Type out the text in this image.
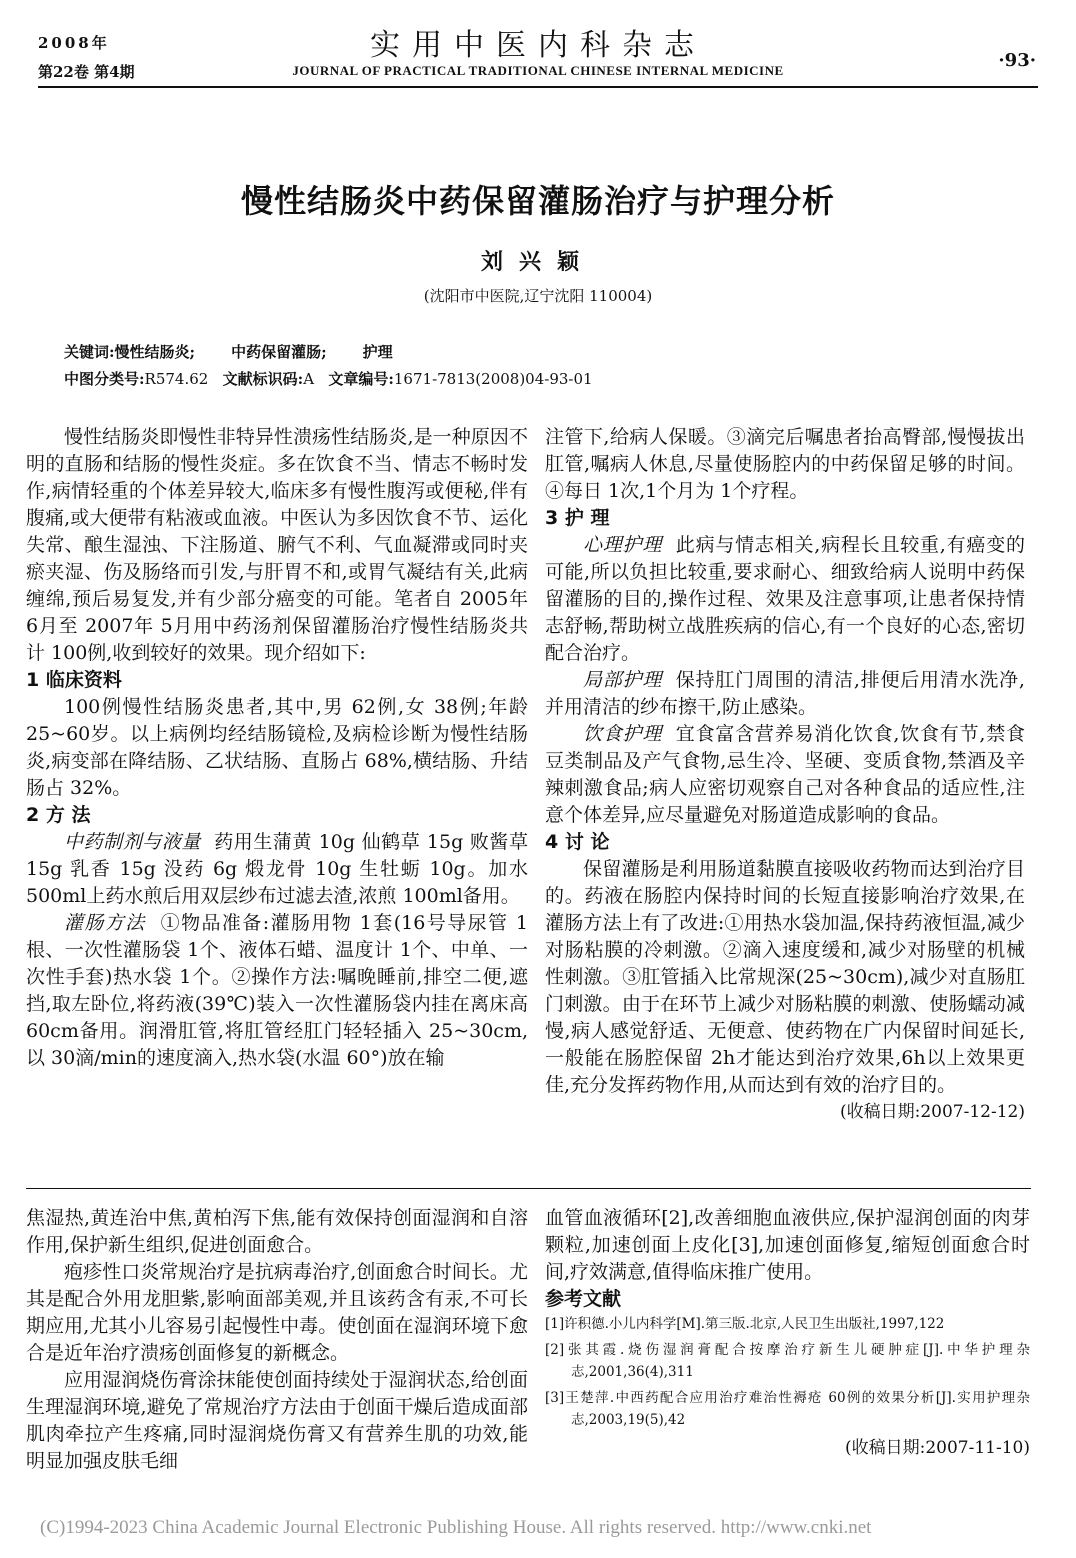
2008年
第22卷 第4期
实用中医内科杂志
JOURNAL OF PRACTICAL TRADITIONAL CHINESE INTERNAL MEDICINE	·93·
慢性结肠炎中药保留灌肠治疗与护理分析
刘兴颖
(沈阳市中医院,辽宁沈阳 110004)
关键词:慢性结肠炎; 中药保留灌肠; 护理
中图分类号:R574.62 文献标识码:A 文章编号:1671-7813(2008)04-93-01

慢性结肠炎即慢性非特异性溃疡性结肠炎,是一种原因不明的直肠和结肠的慢性炎症。多在饮食不当、情志不畅时发作,病情轻重的个体差异较大,临床多有慢性腹泻或便秘,伴有腹痛,或大便带有粘液或血液。中医认为多因饮食不节、运化失常、酿生湿浊、下注肠道、腑气不利、气血凝滞或同时夹瘀夹湿、伤及肠络而引发,与肝胃不和,或胃气凝结有关,此病缠绵,预后易复发,并有少部分癌变的可能。笔者自 2005年 6月至 2007年 5月用中药汤剂保留灌肠治疗慢性结肠炎共计 100例,收到较好的效果。现介绍如下:

1 临床资料

100例慢性结肠炎患者,其中,男 62例,女 38例;年龄 25~60岁。以上病例均经结肠镜检,及病检诊断为慢性结肠炎,病变部在降结肠、乙状结肠、直肠占 68%,横结肠、升结肠占 32%。

2 方 法

中药制剂与液量 药用生蒲黄 10g 仙鹤草 15g 败酱草 15g 乳香 15g 没药 6g 煅龙骨 10g 生牡蛎 10g。加水 500ml上药水煎后用双层纱布过滤去渣,浓煎 100ml备用。

灌肠方法 ①物品准备:灌肠用物 1套(16号导尿管 1根、一次性灌肠袋 1个、液体石蜡、温度计 1个、中单、一次性手套)热水袋 1个。②操作方法:嘱晚睡前,排空二便,遮挡,取左卧位,将药液(39℃)装入一次性灌肠袋内挂在离床高 60cm备用。润滑肛管,将肛管经肛门轻轻插入 25~30cm,以 30滴/min的速度滴入,热水袋(水温 60°)放在输

注管下,给病人保暖。③滴完后嘱患者抬高臀部,慢慢拔出肛管,嘱病人休息,尽量使肠腔内的中药保留足够的时间。④每日 1次,1个月为 1个疗程。

3 护 理

心理护理 此病与情志相关,病程长且较重,有癌变的可能,所以负担比较重,要求耐心、细致给病人说明中药保留灌肠的目的,操作过程、效果及注意事项,让患者保持情志舒畅,帮助树立战胜疾病的信心,有一个良好的心态,密切配合治疗。

局部护理 保持肛门周围的清洁,排便后用清水洗净,并用清洁的纱布擦干,防止感染。

饮食护理 宜食富含营养易消化饮食,饮食有节,禁食豆类制品及产气食物,忌生冷、坚硬、变质食物,禁酒及辛辣刺激食品;病人应密切观察自己对各种食品的适应性,注意个体差异,应尽量避免对肠道造成影响的食品。

4 讨 论

保留灌肠是利用肠道黏膜直接吸收药物而达到治疗目的。药液在肠腔内保持时间的长短直接影响治疗效果,在灌肠方法上有了改进:①用热水袋加温,保持药液恒温,减少对肠粘膜的冷刺激。②滴入速度缓和,减少对肠壁的机械性刺激。③肛管插入比常规深(25~30cm),减少对直肠肛门刺激。由于在环节上减少对肠粘膜的刺激、使肠蠕动减慢,病人感觉舒适、无便意、使药物在广内保留时间延长,一般能在肠腔保留 2h才能达到治疗效果,6h以上效果更佳,充分发挥药物作用,从而达到有效的治疗目的。

(收稿日期:2007-12-12)

焦湿热,黄连治中焦,黄柏泻下焦,能有效保持创面湿润和自溶作用,保护新生组织,促进创面愈合。

疱疹性口炎常规治疗是抗病毒治疗,创面愈合时间长。尤其是配合外用龙胆紫,影响面部美观,并且该药含有汞,不可长期应用,尤其小儿容易引起慢性中毒。使创面在湿润环境下愈合是近年治疗溃疡创面修复的新概念。

应用湿润烧伤膏涂抹能使创面持续处于湿润状态,给创面生理湿润环境,避免了常规治疗方法由于创面干燥后造成面部肌肉牵拉产生疼痛,同时湿润烧伤膏又有营养生肌的功效,能明显加强皮肤毛细

血管血液循环[2],改善细胞血液供应,保护湿润创面的肉芽颗粒,加速创面上皮化[3],加速创面修复,缩短创面愈合时间,疗效满意,值得临床推广使用。

参考文献

[1]许积德.小儿内科学[M].第三版.北京,人民卫生出版社,1997,122
[2]张其霞.烧伤湿润膏配合按摩治疗新生儿硬肿症[J].中华护理杂志,2001,36(4),311
[3]王楚萍.中西药配合应用治疗难治性褥疮 60例的效果分析[J].实用护理杂志,2003,19(5),42
(收稿日期:2007-11-10)
(C)1994-2023 China Academic Journal Electronic Publishing House. All rights reserved. http://www.cnki.net
